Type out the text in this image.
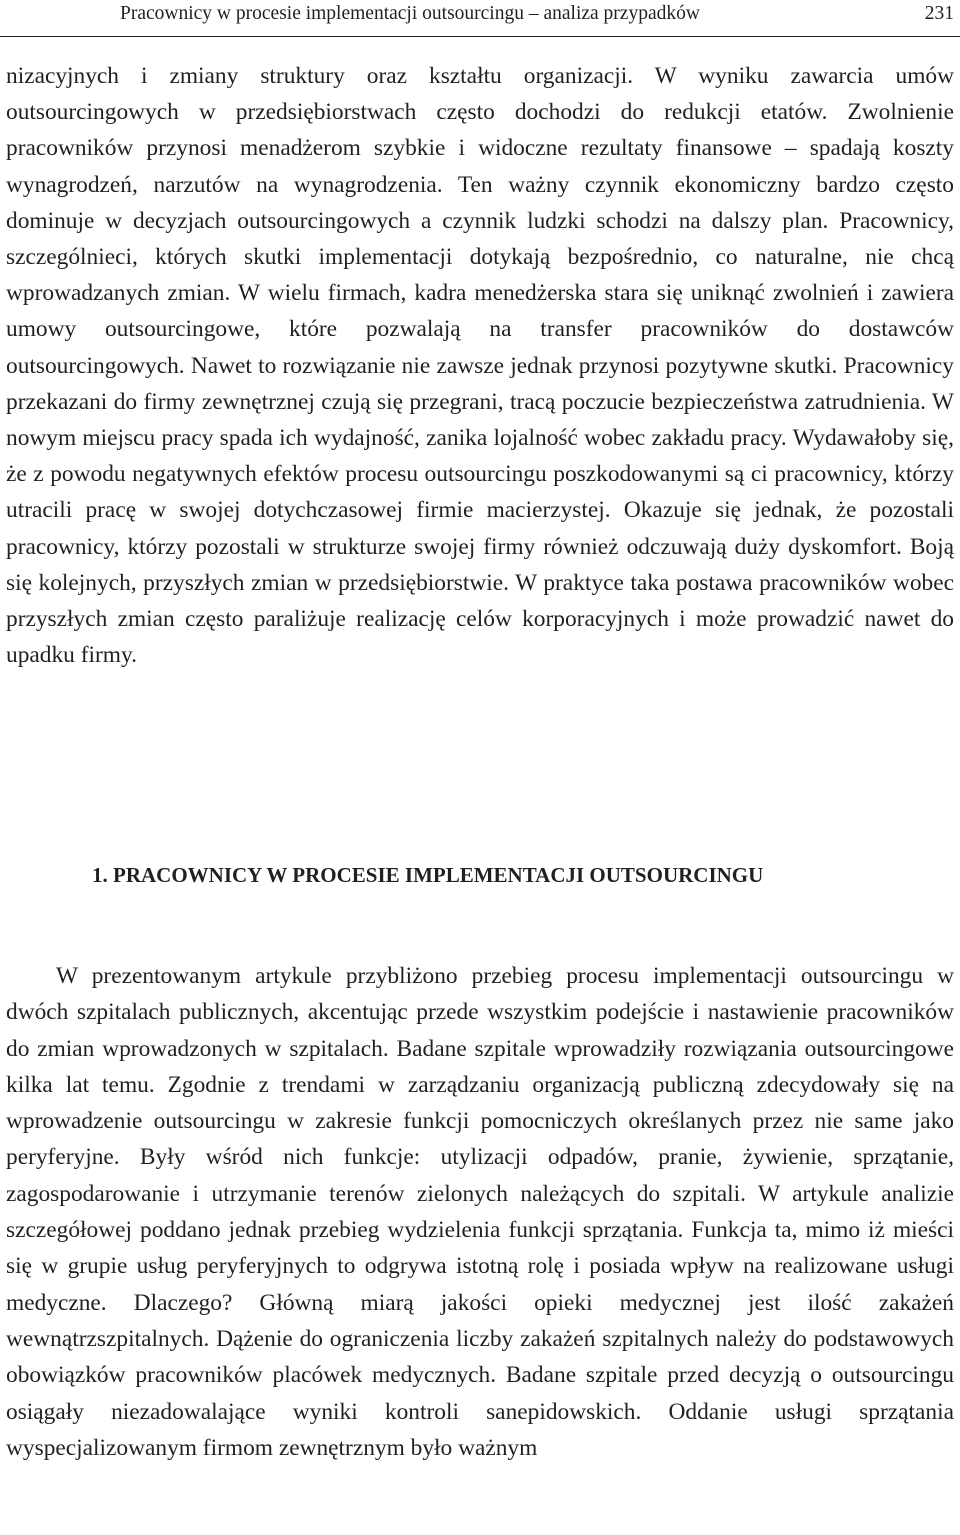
Pracownicy w procesie implementacji outsourcingu – analiza przypadków	231

nizacyjnych i zmiany struktury oraz kształtu organizacji. W wyniku zawarcia umów outsourcingowych w przedsiębiorstwach często dochodzi do redukcji etatów. Zwolnienie pracowników przynosi menadżerom szybkie i widoczne rezultaty finansowe – spadają koszty wynagrodzeń, narzutów na wynagrodzenia. Ten ważny czynnik ekonomiczny bardzo często dominuje w decyzjach outsourcingowych a czynnik ludzki schodzi na dalszy plan. Pracownicy, szczególnieci, których skutki implementacji dotykają bezpośrednio, co naturalne, nie chcą wprowadzanych zmian. W wielu firmach, kadra menedżerska stara się uniknąć zwolnień i zawiera umowy outsourcingowe, które pozwalają na transfer pracowników do dostawców outsourcingowych. Nawet to rozwiązanie nie zawsze jednak przynosi pozytywne skutki. Pracownicy przekazani do firmy zewnętrznej czują się przegrani, tracą poczucie bezpieczeństwa zatrudnienia. W nowym miejscu pracy spada ich wydajność, zanika lojalność wobec zakładu pracy. Wydawałoby się, że z powodu negatywnych efektów procesu outsourcingu poszkodowanymi są ci pracownicy, którzy utracili pracę w swojej dotychczasowej firmie macierzystej. Okazuje się jednak, że pozostali pracownicy, którzy pozostali w strukturze swojej firmy również odczuwają duży dyskomfort. Boją się kolejnych, przyszłych zmian w przedsiębiorstwie. W praktyce taka postawa pracowników wobec przyszłych zmian często paraliżuje realizację celów korporacyjnych i może prowadzić nawet do upadku firmy.

1. PRACOWNICY W PROCESIE IMPLEMENTACJI OUTSOURCINGU

W prezentowanym artykule przybliżono przebieg procesu implementacji outsourcingu w dwóch szpitalach publicznych, akcentując przede wszystkim podejście i nastawienie pracowników do zmian wprowadzonych w szpitalach. Badane szpitale wprowadziły rozwiązania outsourcingowe kilka lat temu. Zgodnie z trendami w zarządzaniu organizacją publiczną zdecydowały się na wprowadzenie outsourcingu w zakresie funkcji pomocniczych określanych przez nie same jako peryferyjne. Były wśród nich funkcje: utylizacji odpadów, pranie, żywienie, sprzątanie, zagospodarowanie i utrzymanie terenów zielonych należących do szpitali. W artykule analizie szczegółowej poddano jednak przebieg wydzielenia funkcji sprzątania. Funkcja ta, mimo iż mieści się w grupie usług peryferyjnych to odgrywa istotną rolę i posiada wpływ na realizowane usługi medyczne. Dlaczego? Główną miarą jakości opieki medycznej jest ilość zakażeń wewnątrzszpitalnych. Dążenie do ograniczenia liczby zakażeń szpitalnych należy do podstawowych obowiązków pracowników placówek medycznych. Badane szpitale przed decyzją o outsourcingu osiągały niezadowalające wyniki kontroli sanepidowskich. Oddanie usługi sprzątania wyspecjalizowanym firmom zewnętrznym było ważnym
